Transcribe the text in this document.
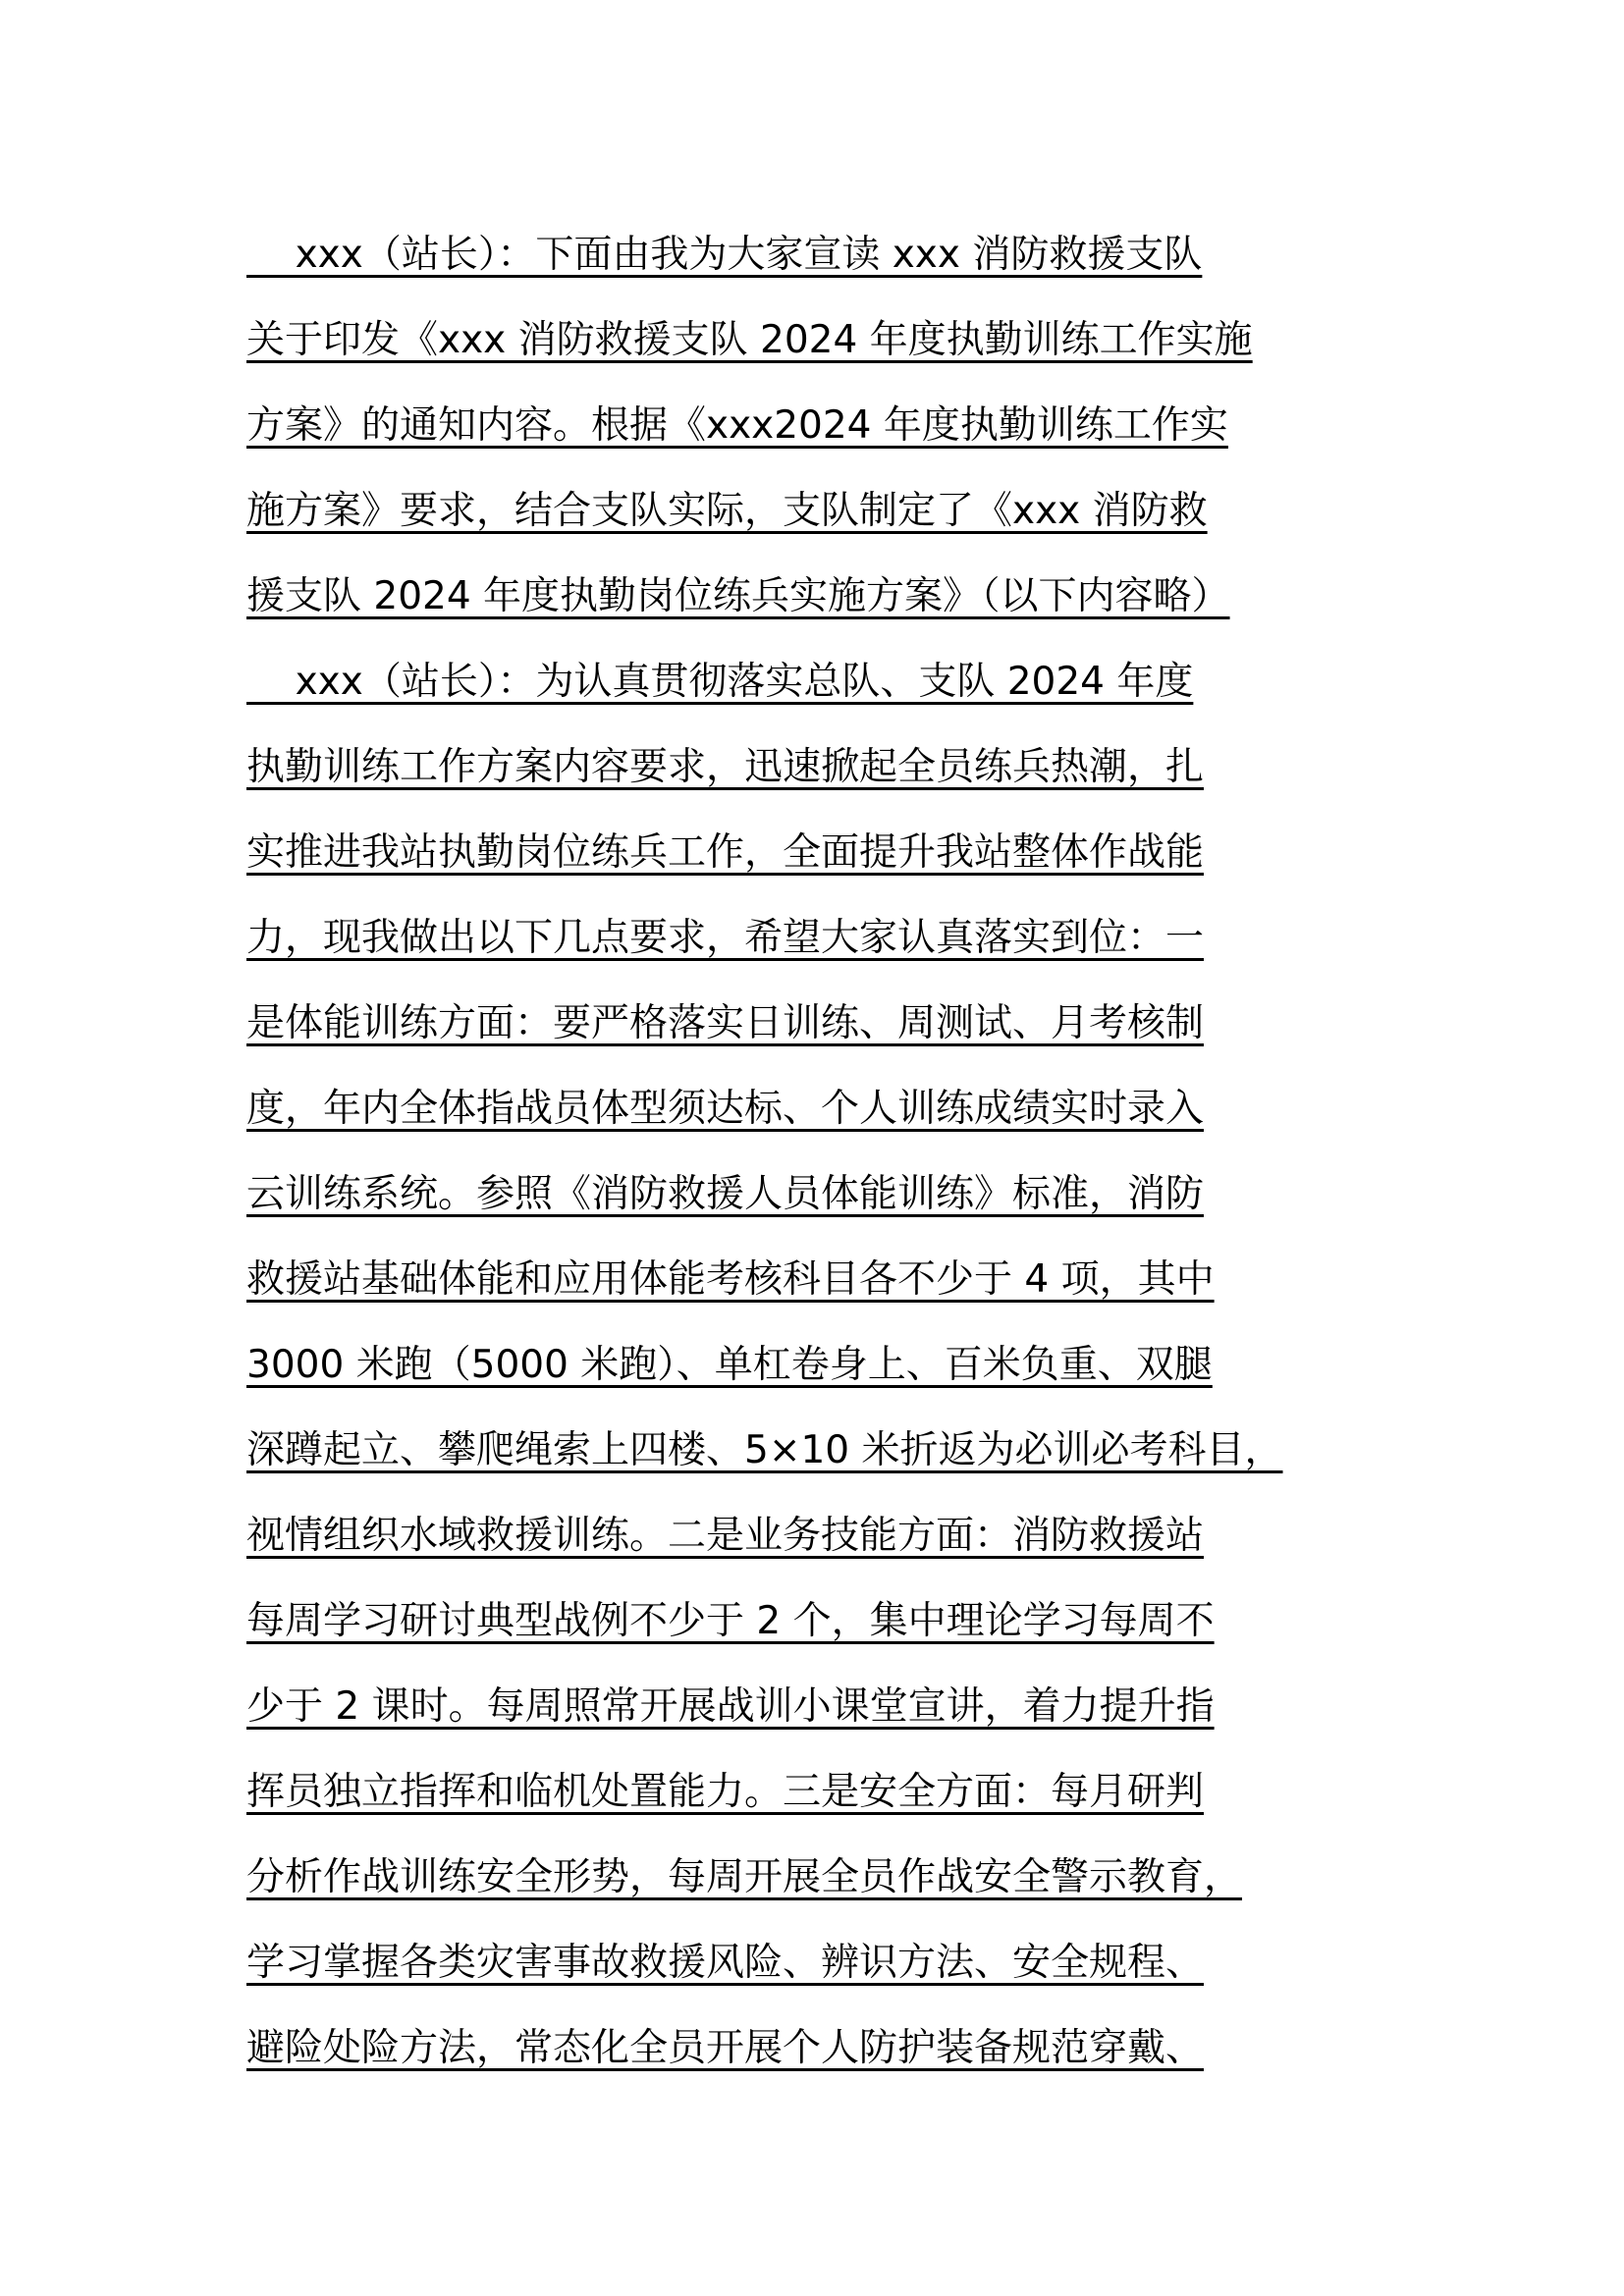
xxx（站长）：下面由我为大家宣读 xxx 消防救援支队
关于印发《xxx 消防救援支队 2024 年度执勤训练工作实施
方案》的通知内容。根据《xxx2024 年度执勤训练工作实
施方案》要求，结合支队实际，支队制定了《xxx 消防救
援支队 2024 年度执勤岗位练兵实施方案》（以下内容略）
xxx（站长）：为认真贯彻落实总队、支队 2024 年度
执勤训练工作方案内容要求，迅速掀起全员练兵热潮，扎
实推进我站执勤岗位练兵工作，全面提升我站整体作战能
力，现我做出以下几点要求，希望大家认真落实到位：一
是体能训练方面：要严格落实日训练、周测试、月考核制
度，年内全体指战员体型须达标、个人训练成绩实时录入
云训练系统。参照《消防救援人员体能训练》标准，消防
救援站基础体能和应用体能考核科目各不少于 4 项，其中
3000 米跑（5000 米跑）、单杠卷身上、百米负重、双腿
深蹲起立、攀爬绳索上四楼、5×10 米折返为必训必考科目，
视情组织水域救援训练。二是业务技能方面：消防救援站
每周学习研讨典型战例不少于 2 个，集中理论学习每周不
少于 2 课时。每周照常开展战训小课堂宣讲，着力提升指
挥员独立指挥和临机处置能力。三是安全方面：每月研判
分析作战训练安全形势，每周开展全员作战安全警示教育，
学习掌握各类灾害事故救援风险、辨识方法、安全规程、
避险处险方法，常态化全员开展个人防护装备规范穿戴、
